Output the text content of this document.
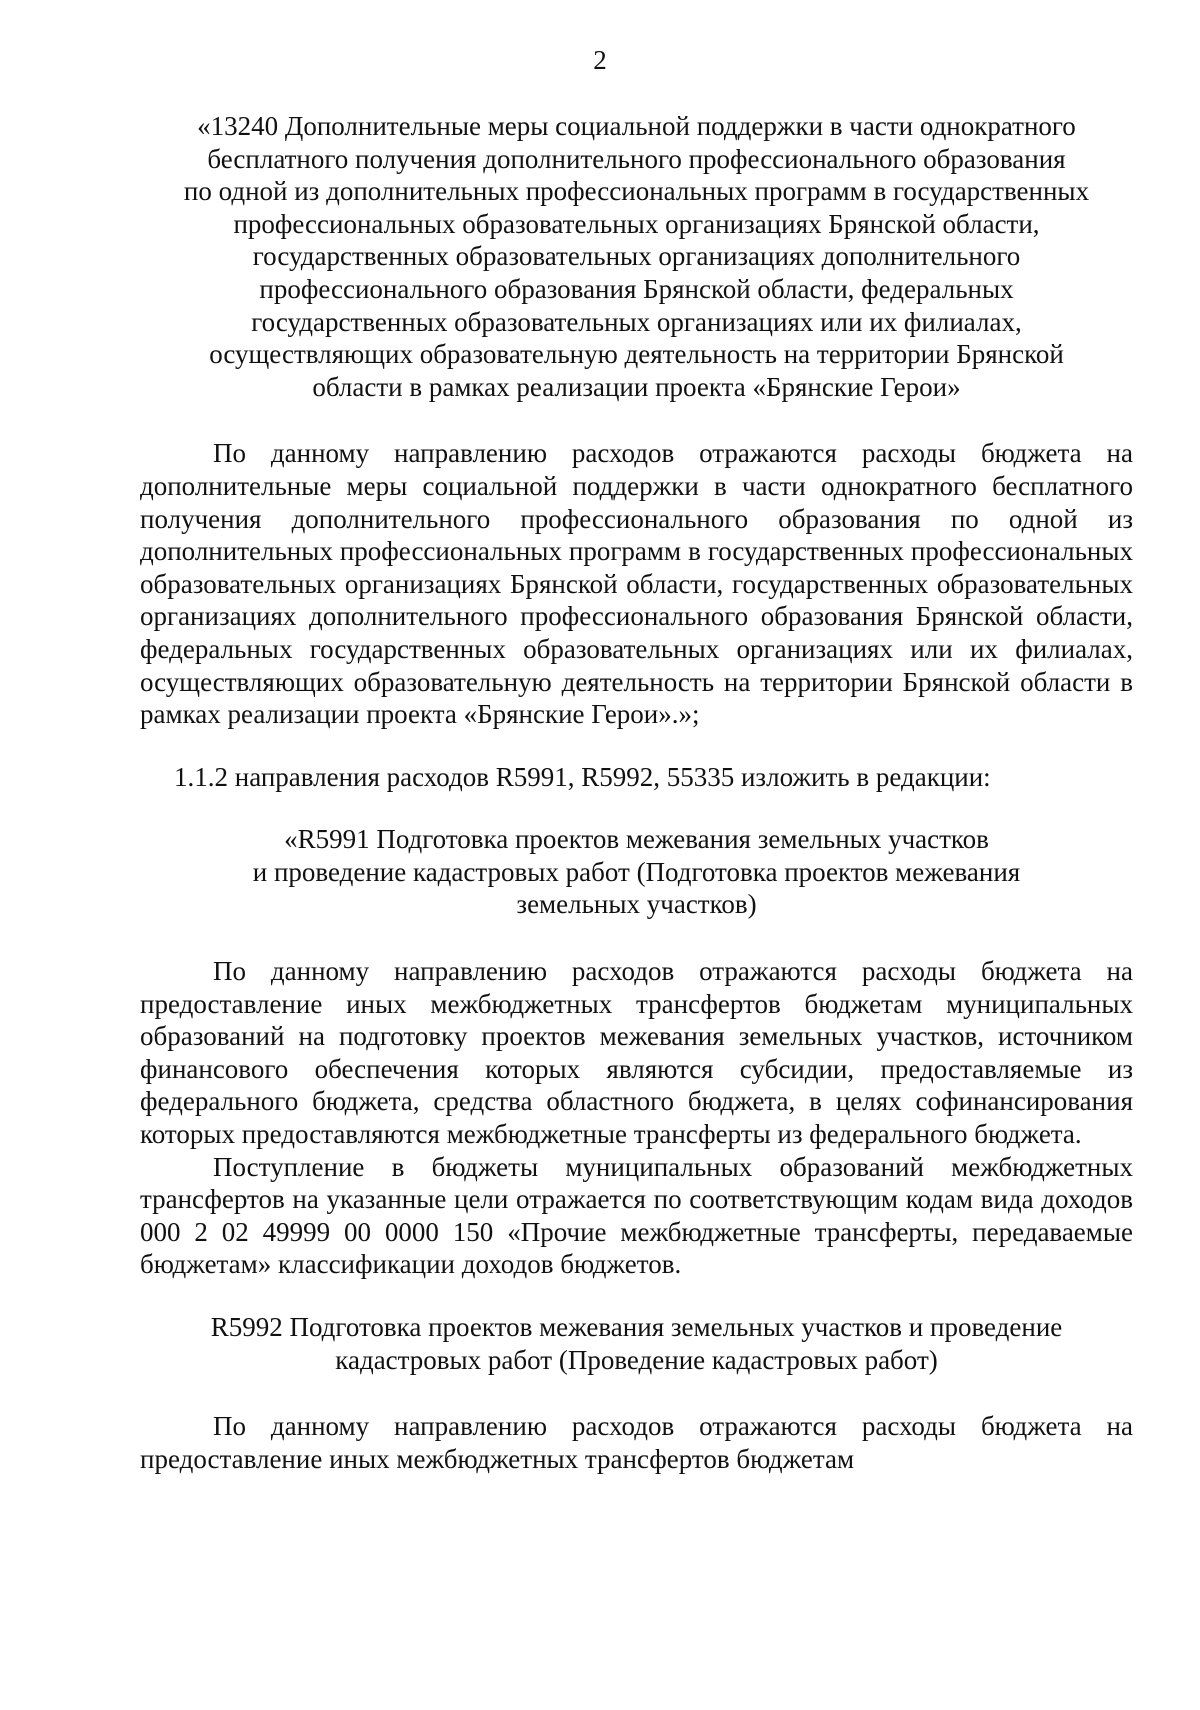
2

«13240 Дополнительные меры социальной поддержки в части однократного
бесплатного получения дополнительного профессионального образования
по одной из дополнительных профессиональных программ в государственных
профессиональных образовательных организациях Брянской области,
государственных образовательных организациях дополнительного
профессионального образования Брянской области, федеральных
государственных образовательных организациях или их филиалах,
осуществляющих образовательную деятельность на территории Брянской
области в рамках реализации проекта «Брянские Герои»

По данному направлению расходов отражаются расходы бюджета на дополнительные меры социальной поддержки в части однократного бесплатного получения дополнительного профессионального образования по одной из дополнительных профессиональных программ в государственных профессиональных образовательных организациях Брянской области, государственных образовательных организациях дополнительного профессионального образования Брянской области, федеральных государственных образовательных организациях или их филиалах, осуществляющих образовательную деятельность на территории Брянской области в рамках реализации проекта «Брянские Герои».»;

1.1.2 направления расходов R5991, R5992, 55335 изложить в редакции:

«R5991 Подготовка проектов межевания земельных участков
и проведение кадастровых работ (Подготовка проектов межевания
земельных участков)

По данному направлению расходов отражаются расходы бюджета на предоставление иных межбюджетных трансфертов бюджетам муниципальных образований на подготовку проектов межевания земельных участков, источником финансового обеспечения которых являются субсидии, предоставляемые из федерального бюджета, средства областного бюджета, в целях софинансирования которых предоставляются межбюджетные трансферты из федерального бюджета.

Поступление в бюджеты муниципальных образований межбюджетных трансфертов на указанные цели отражается по соответствующим кодам вида доходов 000 2 02 49999 00 0000 150 «Прочие межбюджетные трансферты, передаваемые бюджетам» классификации доходов бюджетов.

R5992 Подготовка проектов межевания земельных участков и проведение
кадастровых работ (Проведение кадастровых работ)

По данному направлению расходов отражаются расходы бюджета на предоставление иных межбюджетных трансфертов бюджетам
